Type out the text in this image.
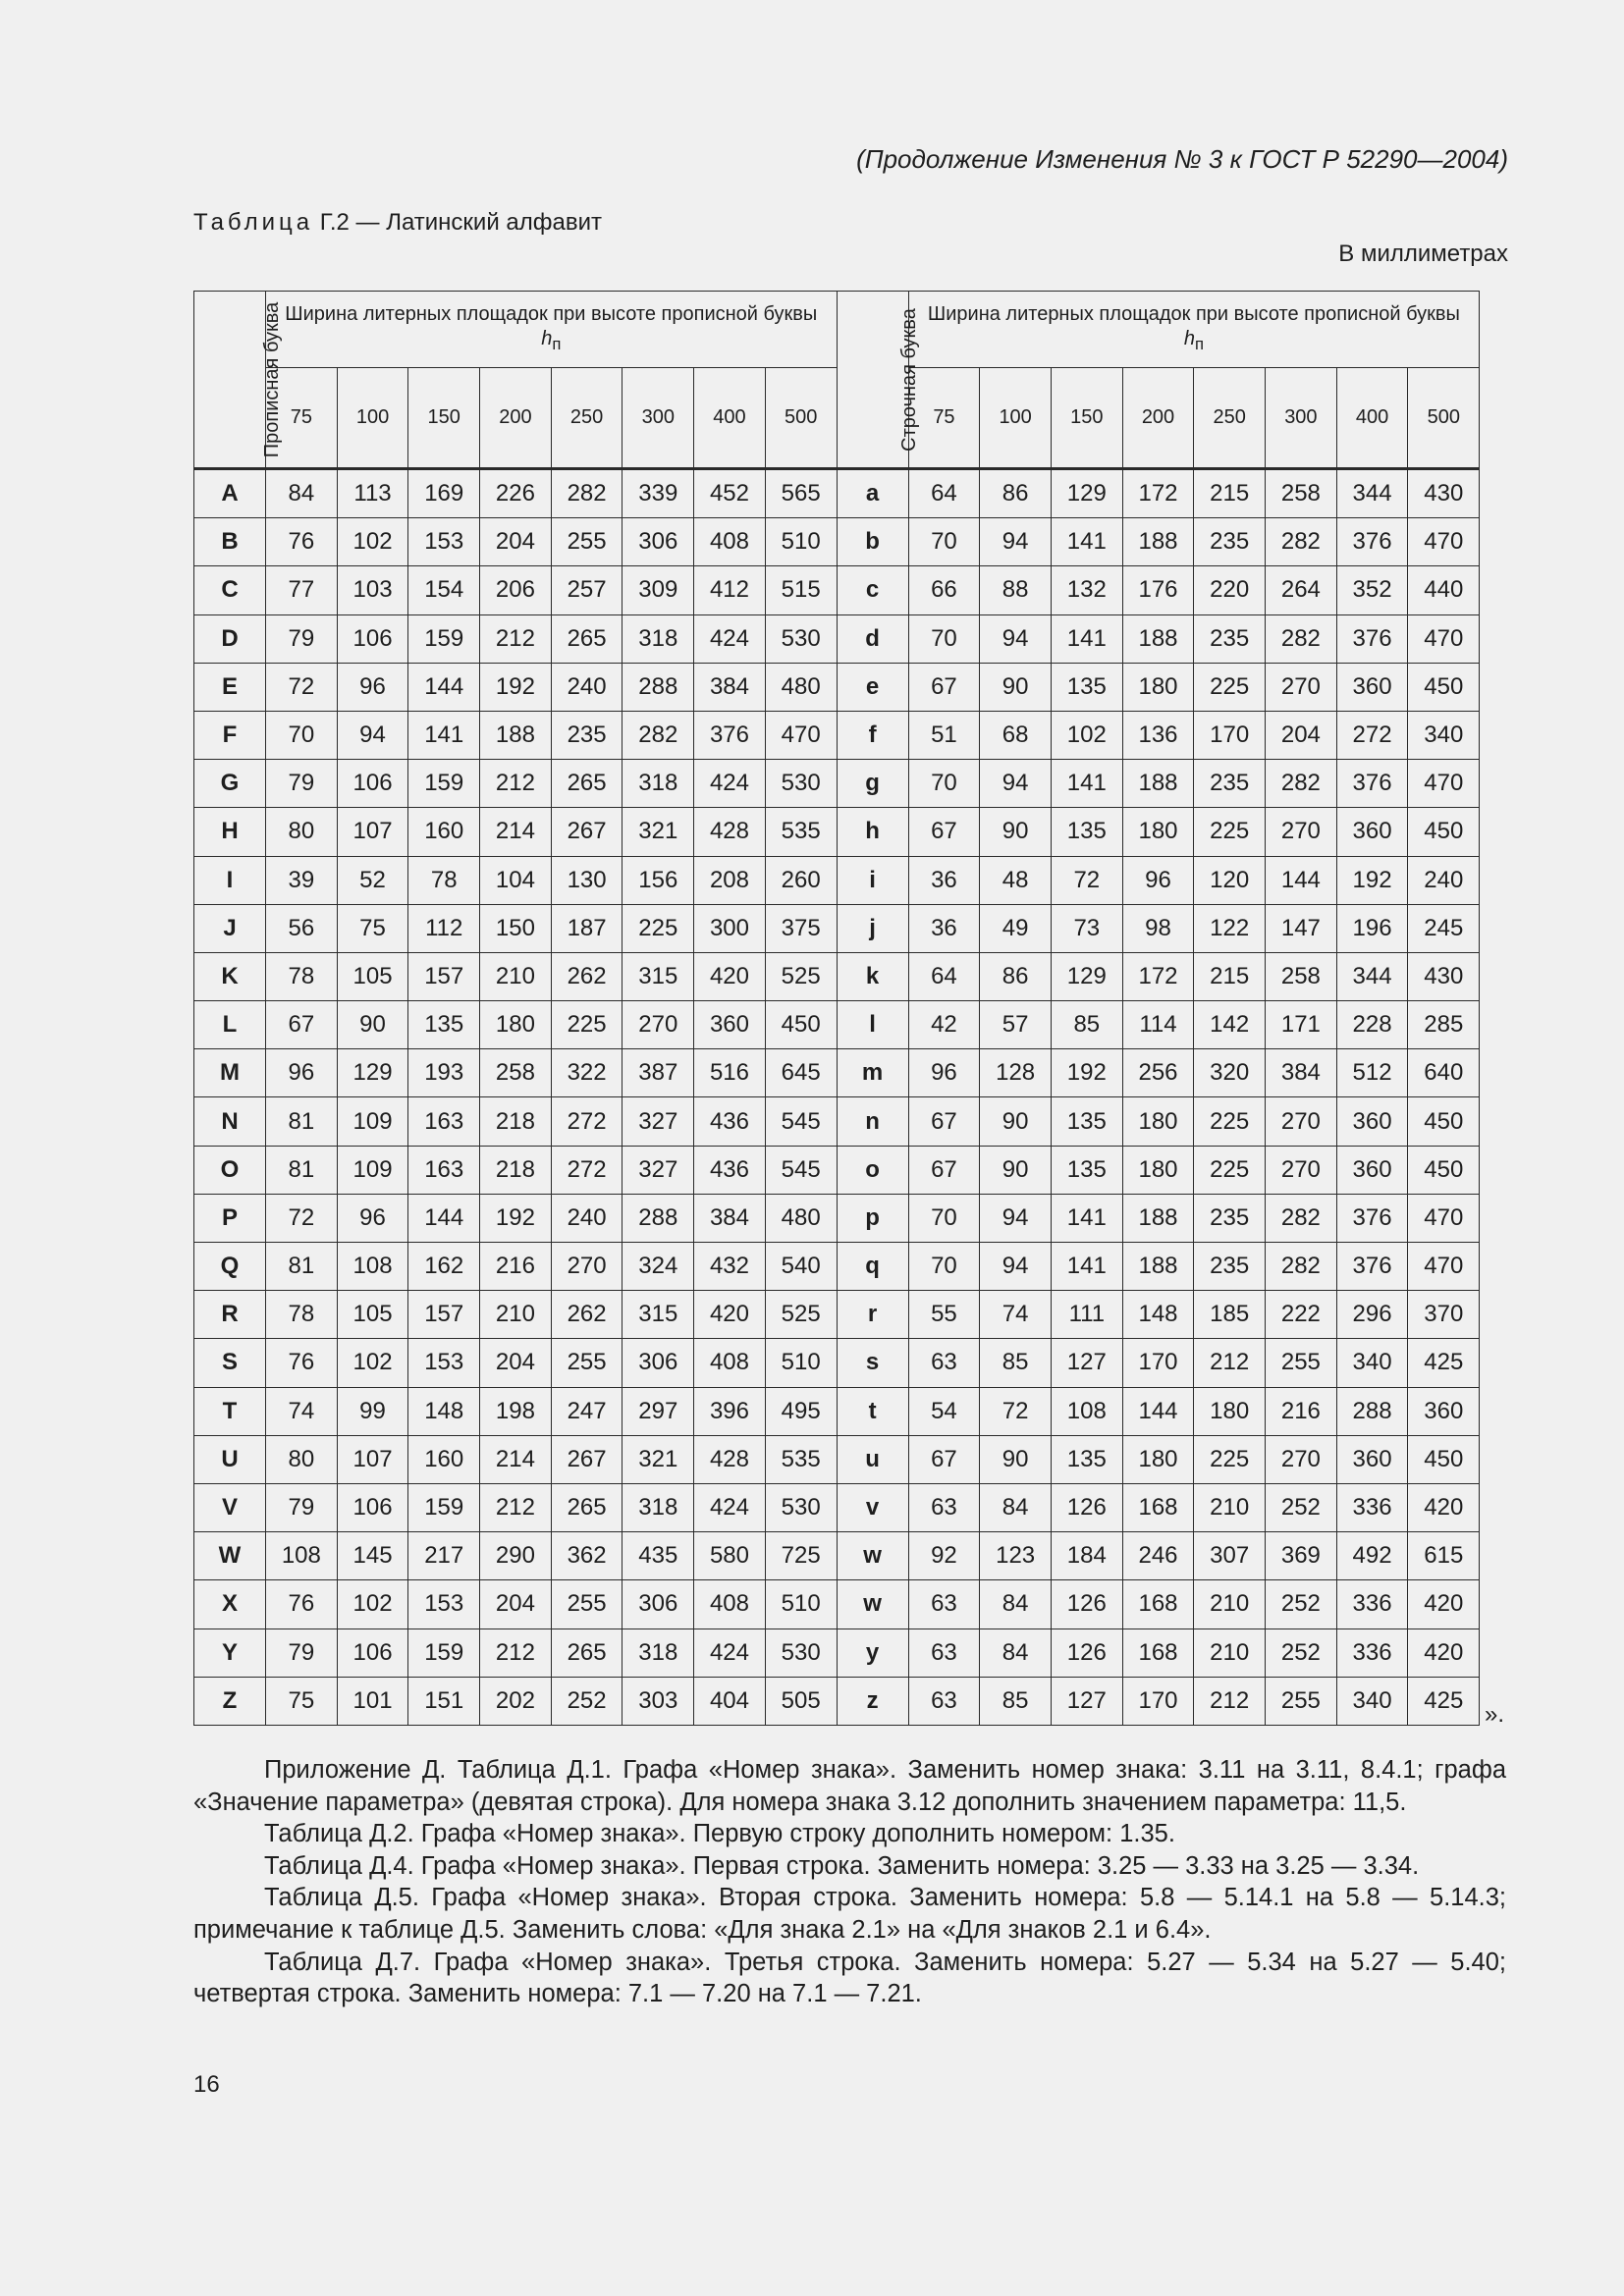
(Продолжение Изменения № 3 к ГОСТ Р 52290—2004)
Таблица Г.2 — Латинский алфавит
В миллиметрах
Прописная буква	Ширина литерных площадок при высоте прописной буквы $h_п$								Строчная буква	Ширина литерных площадок при высоте прописной буквы $h_п$
	75	100	150	200	250	300	400	500		75	100	150	200	250	300	400	500
A	84	113	169	226	282	339	452	565	a	64	86	129	172	215	258	344	430
B	76	102	153	204	255	306	408	510	b	70	94	141	188	235	282	376	470
C	77	103	154	206	257	309	412	515	c	66	88	132	176	220	264	352	440
D	79	106	159	212	265	318	424	530	d	70	94	141	188	235	282	376	470
E	72	96	144	192	240	288	384	480	e	67	90	135	180	225	270	360	450
F	70	94	141	188	235	282	376	470	f	51	68	102	136	170	204	272	340
G	79	106	159	212	265	318	424	530	g	70	94	141	188	235	282	376	470
H	80	107	160	214	267	321	428	535	h	67	90	135	180	225	270	360	450
I	39	52	78	104	130	156	208	260	i	36	48	72	96	120	144	192	240
J	56	75	112	150	187	225	300	375	j	36	49	73	98	122	147	196	245
K	78	105	157	210	262	315	420	525	k	64	86	129	172	215	258	344	430
L	67	90	135	180	225	270	360	450	l	42	57	85	114	142	171	228	285
M	96	129	193	258	322	387	516	645	m	96	128	192	256	320	384	512	640
N	81	109	163	218	272	327	436	545	n	67	90	135	180	225	270	360	450
O	81	109	163	218	272	327	436	545	o	67	90	135	180	225	270	360	450
P	72	96	144	192	240	288	384	480	p	70	94	141	188	235	282	376	470
Q	81	108	162	216	270	324	432	540	q	70	94	141	188	235	282	376	470
R	78	105	157	210	262	315	420	525	r	55	74	111	148	185	222	296	370
S	76	102	153	204	255	306	408	510	s	63	85	127	170	212	255	340	425
T	74	99	148	198	247	297	396	495	t	54	72	108	144	180	216	288	360
U	80	107	160	214	267	321	428	535	u	67	90	135	180	225	270	360	450
V	79	106	159	212	265	318	424	530	v	63	84	126	168	210	252	336	420
W	108	145	217	290	362	435	580	725	w	92	123	184	246	307	369	492	615
X	76	102	153	204	255	306	408	510	w	63	84	126	168	210	252	336	420
Y	79	106	159	212	265	318	424	530	y	63	84	126	168	210	252	336	420
Z	75	101	151	202	252	303	404	505	z	63	85	127	170	212	255	340	425
».

Приложение Д. Таблица Д.1. Графа «Номер знака». Заменить номер знака: 3.11 на 3.11, 8.4.1; графа «Значение параметра» (девятая строка). Для номера знака 3.12 дополнить значением параметра: 11,5.

Таблица Д.2. Графа «Номер знака». Первую строку дополнить номером: 1.35.

Таблица Д.4. Графа «Номер знака». Первая строка. Заменить номера: 3.25 — 3.33 на 3.25 — 3.34.

Таблица Д.5. Графа «Номер знака». Вторая строка. Заменить номера: 5.8 — 5.14.1 на 5.8 — 5.14.3; примечание к таблице Д.5. Заменить слова: «Для знака 2.1» на «Для знаков 2.1 и 6.4».

Таблица Д.7. Графа «Номер знака». Третья строка. Заменить номера: 5.27 — 5.34 на 5.27 — 5.40; четвертая строка. Заменить номера: 7.1 — 7.20 на 7.1 — 7.21.

16
